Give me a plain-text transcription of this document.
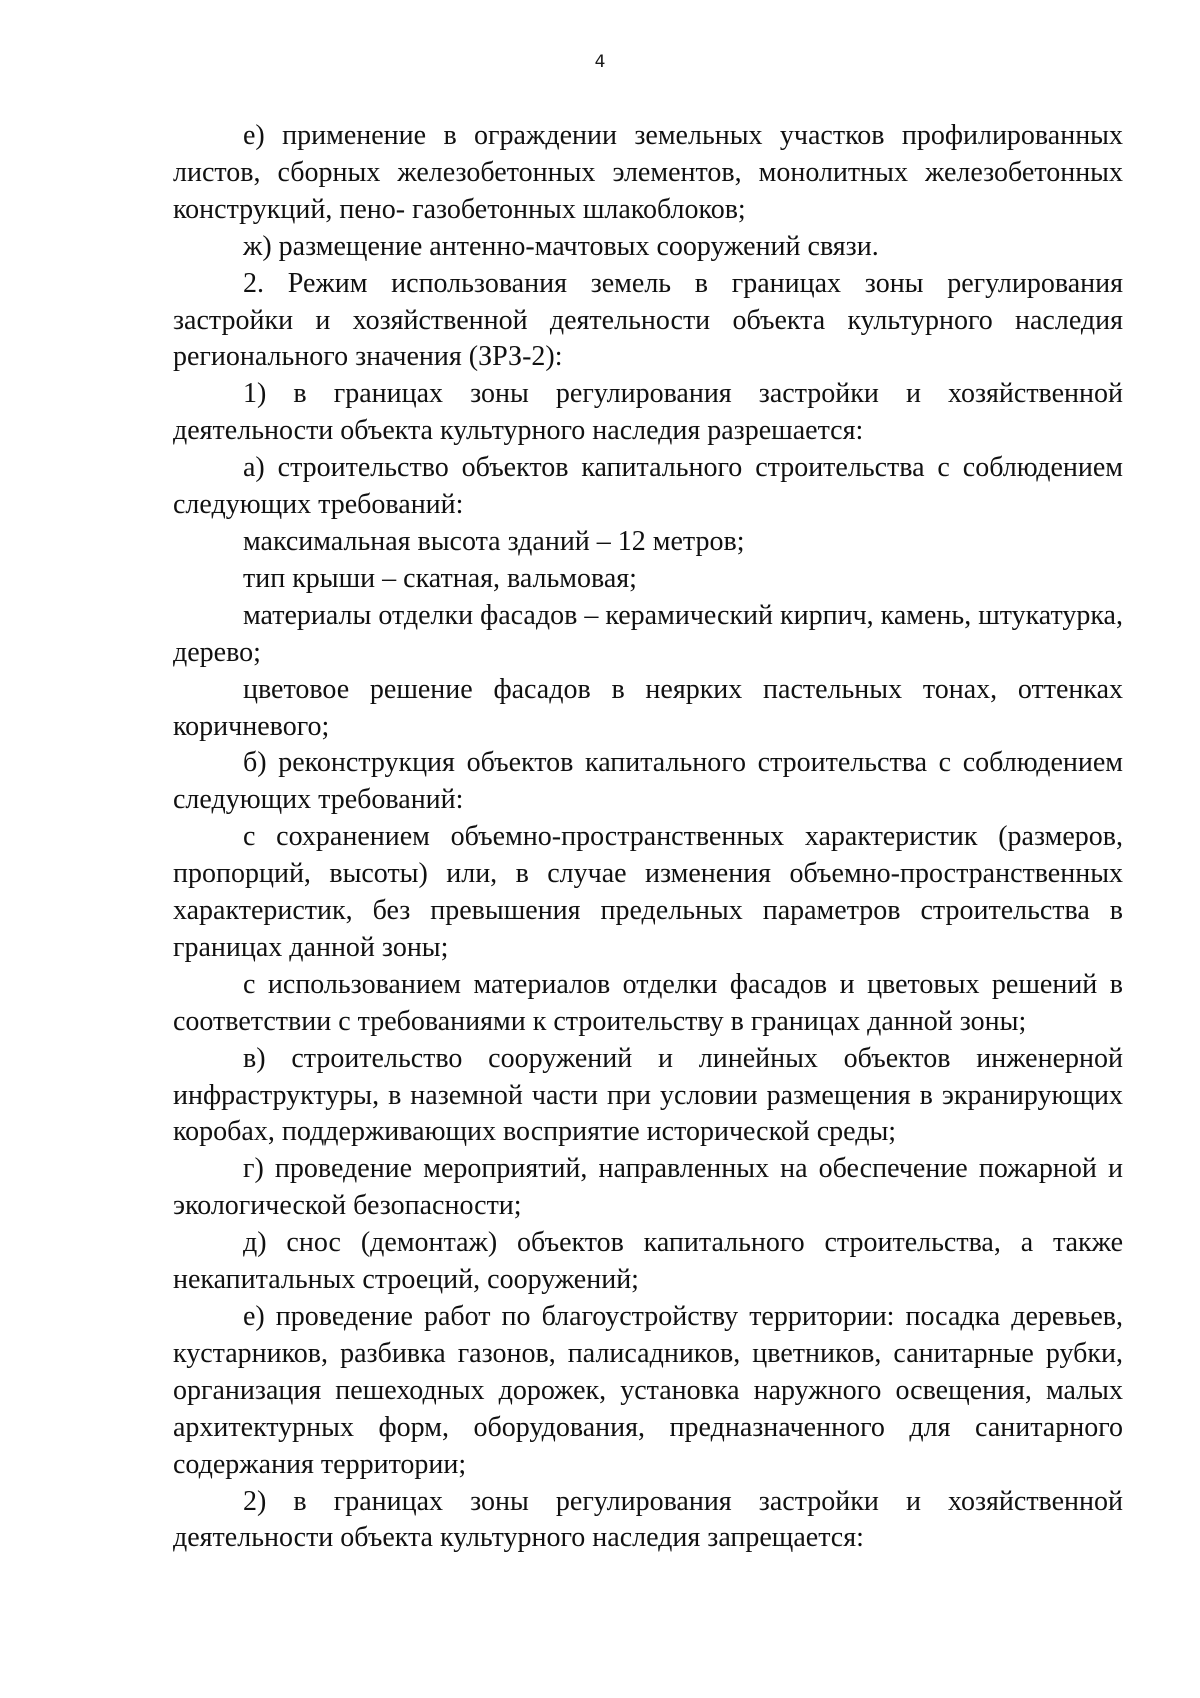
4

е) применение в ограждении земельных участков профилированных листов, сборных железобетонных элементов, монолитных железобетонных конструкций, пено- газобетонных шлакоблоков;

ж) размещение антенно-мачтовых сооружений связи.

2. Режим использования земель в границах зоны регулирования застройки и хозяйственной деятельности объекта культурного наследия регионального значения (ЗРЗ-2):

1) в границах зоны регулирования застройки и хозяйственной деятельности объекта культурного наследия разрешается:

а) строительство объектов капитального строительства с соблюдением следующих требований:

максимальная высота зданий – 12 метров;

тип крыши – скатная, вальмовая;

материалы отделки фасадов – керамический кирпич, камень, штукатурка, дерево;

цветовое решение фасадов в неярких пастельных тонах, оттенках коричневого;

б) реконструкция объектов капитального строительства с соблюдением следующих требований:

с сохранением объемно-пространственных характеристик (размеров, пропорций, высоты) или, в случае изменения объемно-пространственных характеристик, без превышения предельных параметров строительства в границах данной зоны;

с использованием материалов отделки фасадов и цветовых решений в соответствии с требованиями к строительству в границах данной зоны;

в) строительство сооружений и линейных объектов инженерной инфраструктуры, в наземной части при условии размещения в экранирующих коробах, поддерживающих восприятие исторической среды;

г) проведение мероприятий, направленных на обеспечение пожарной и экологической безопасности;

д) снос (демонтаж) объектов капитального строительства, а также некапитальных строеций, сооружений;

е) проведение работ по благоустройству территории: посадка деревьев, кустарников, разбивка газонов, палисадников, цветников, санитарные рубки, организация пешеходных дорожек, установка наружного освещения, малых архитектурных форм, оборудования, предназначенного для санитарного содержания территории;

2) в границах зоны регулирования застройки и хозяйственной деятельности объекта культурного наследия запрещается:
